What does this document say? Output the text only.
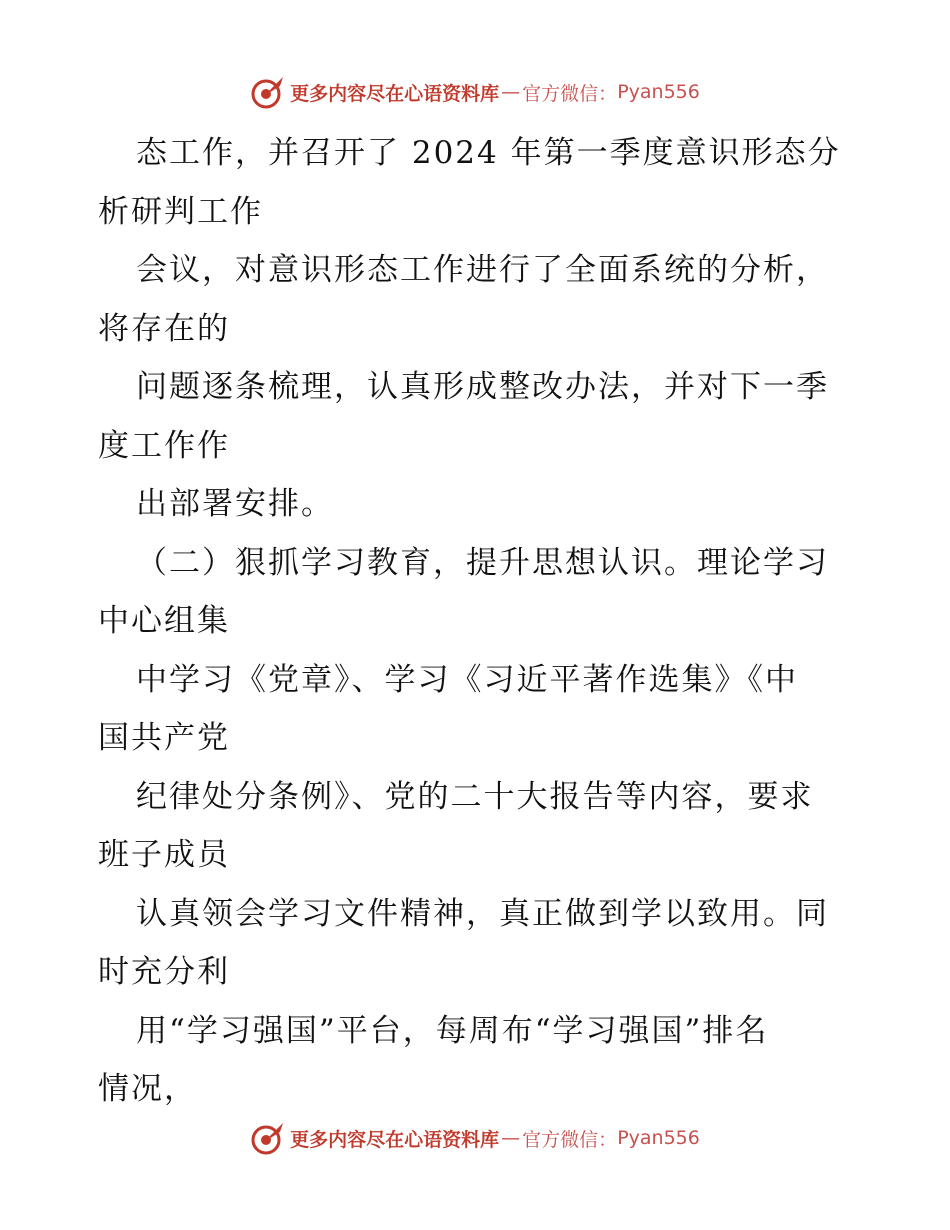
更多内容尽在心语资料库 — 官方微信： Pyan556
态工作，并召开了 2024 年第一季度意识形态分
析研判工作
会议，对意识形态工作进行了全面系统的分析，
将存在的
问题逐条梳理，认真形成整改办法，并对下一季
度工作作
出部署安排。
（二）狠抓学习教育，提升思想认识。理论学习
中心组集
中学习《党章》、学习《习近平著作选集》《中
国共产党
纪律处分条例》、党的二十大报告等内容，要求
班子成员
认真领会学习文件精神，真正做到学以致用。同
时充分利
用“学习强国”平台，每周布“学习强国”排名
情况，
更多内容尽在心语资料库 — 官方微信： Pyan556
